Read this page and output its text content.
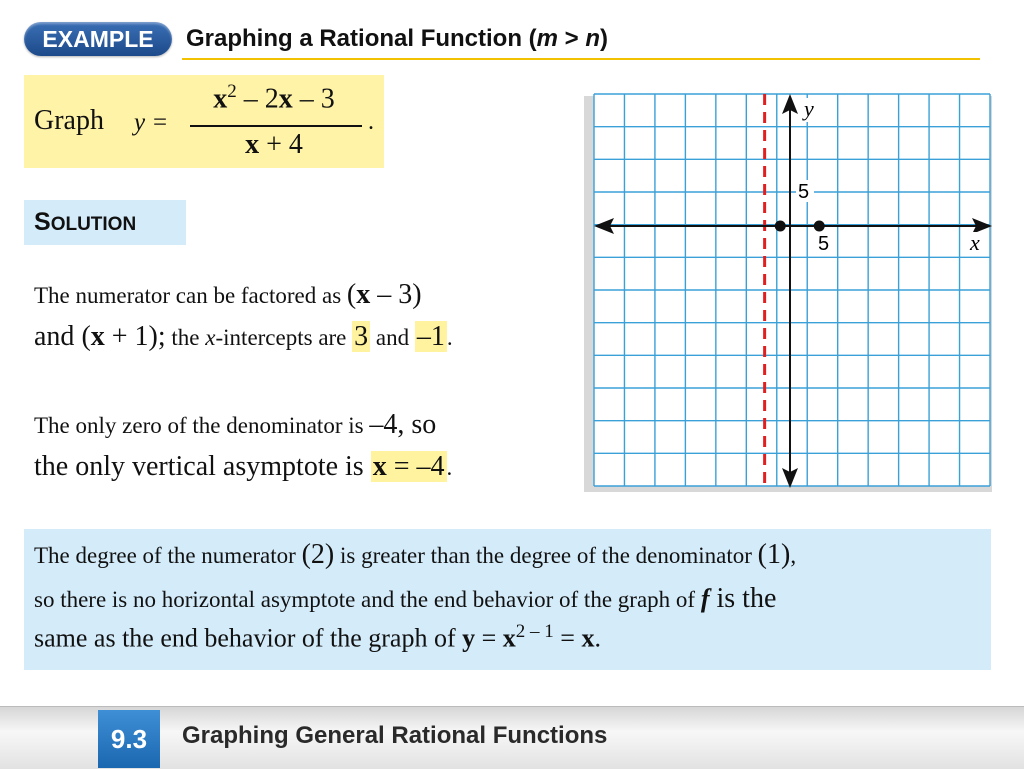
EXAMPLE	Graphing a Rational Function (m > n)
Graph y =
$x^2 - 2x - 3$
x + 4
.
SOLUTION
The numerator can be factored as (x – 3)
and (x + 1); the x-intercepts are 3 and –1.
The only zero of the denominator is –4, so
the only vertical asymptote is x = –4.
y
x
5
5
The degree of the numerator (2) is greater than the degree of the denominator (1),
so there is no horizontal asymptote and the end behavior of the graph of f is the
same as the end behavior of the graph of $y = x^{2 - 1} = x$.
9.3	Graphing General Rational Functions
